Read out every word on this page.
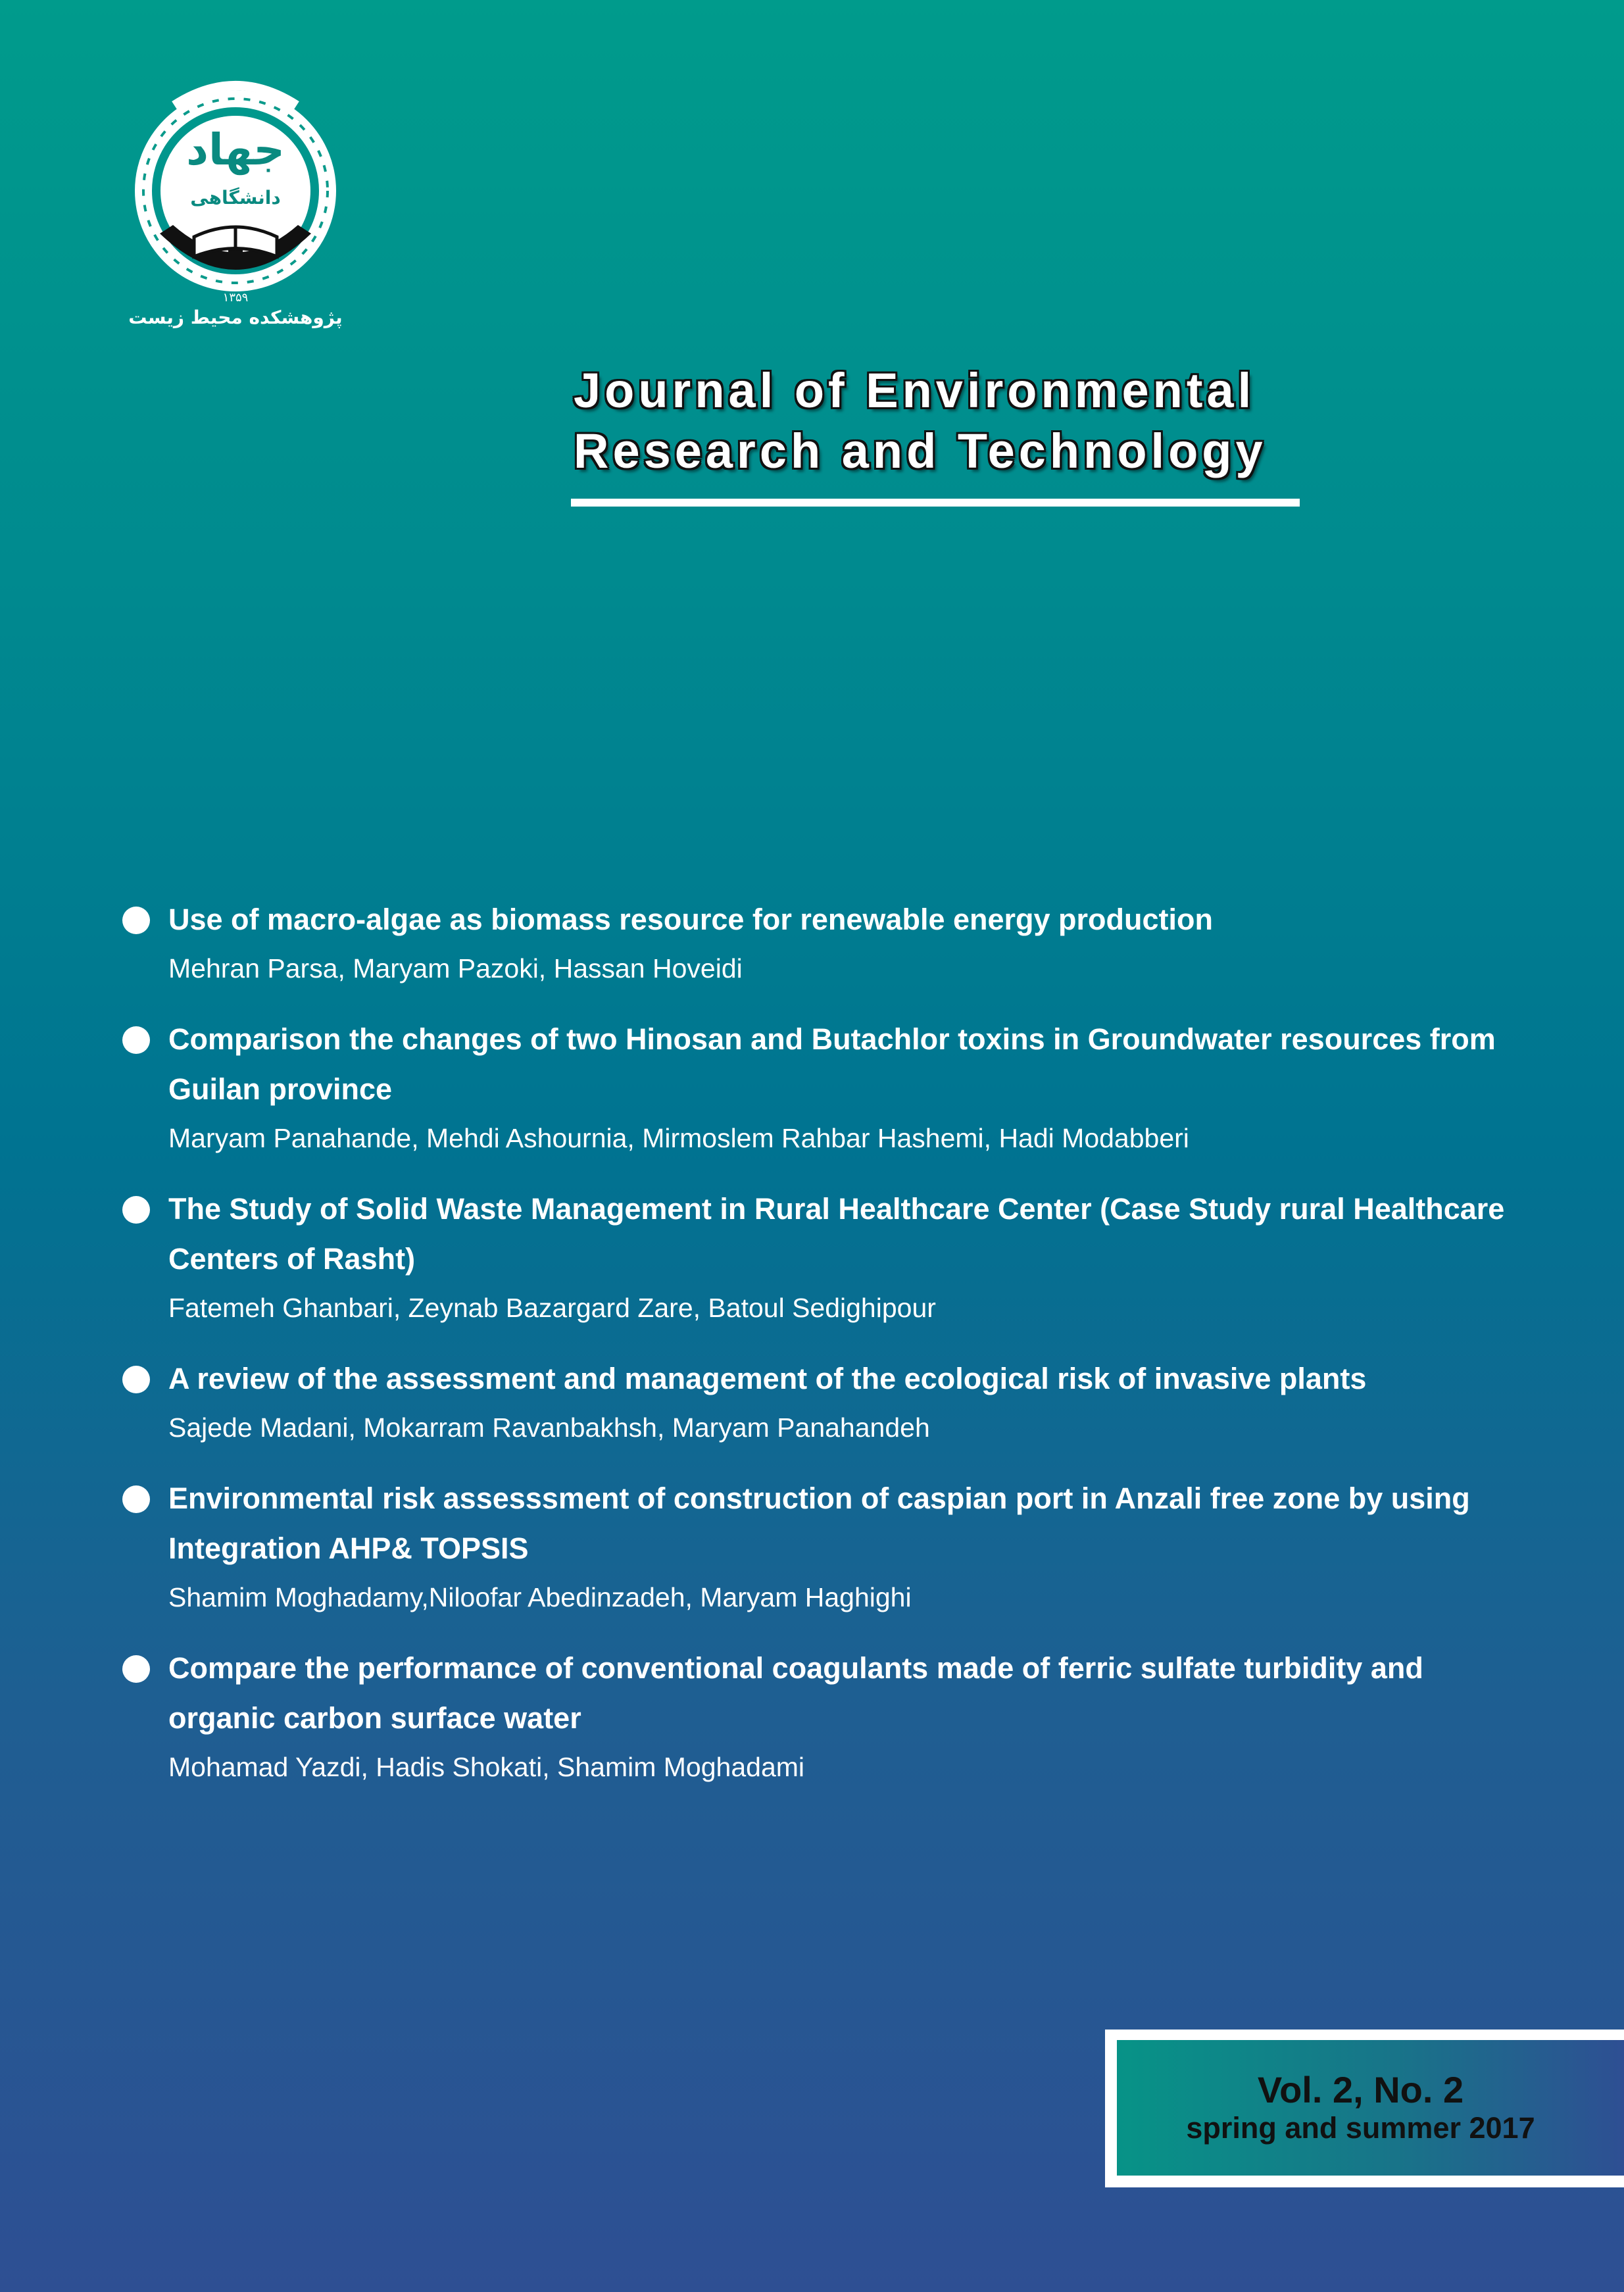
جهاد
دانشگاهی
۱۳۵۹
پژوهشکده محیط زیست
Journal of Environmental
Research and Technology
Use of macro-algae as biomass resource for renewable energy production
Mehran Parsa, Maryam Pazoki, Hassan Hoveidi
Comparison the changes of two Hinosan and Butachlor toxins in Groundwater resources from Guilan province
Maryam Panahande, Mehdi Ashournia, Mirmoslem Rahbar Hashemi, Hadi Modabberi
The Study of Solid Waste Management in Rural Healthcare Center (Case Study rural Healthcare Centers of Rasht)
Fatemeh Ghanbari, Zeynab Bazargard Zare, Batoul Sedighipour
A review of the assessment and management of the ecological risk of invasive plants
Sajede Madani, Mokarram Ravanbakhsh, Maryam Panahandeh
Environmental risk assesssment of construction of caspian port in Anzali free zone by using Integration AHP& TOPSIS
Shamim Moghadamy,Niloofar Abedinzadeh, Maryam Haghighi
Compare the performance of conventional coagulants made of ferric sulfate turbidity and organic carbon surface water
Mohamad Yazdi, Hadis Shokati, Shamim Moghadami
Vol. 2, No. 2
spring and summer 2017
